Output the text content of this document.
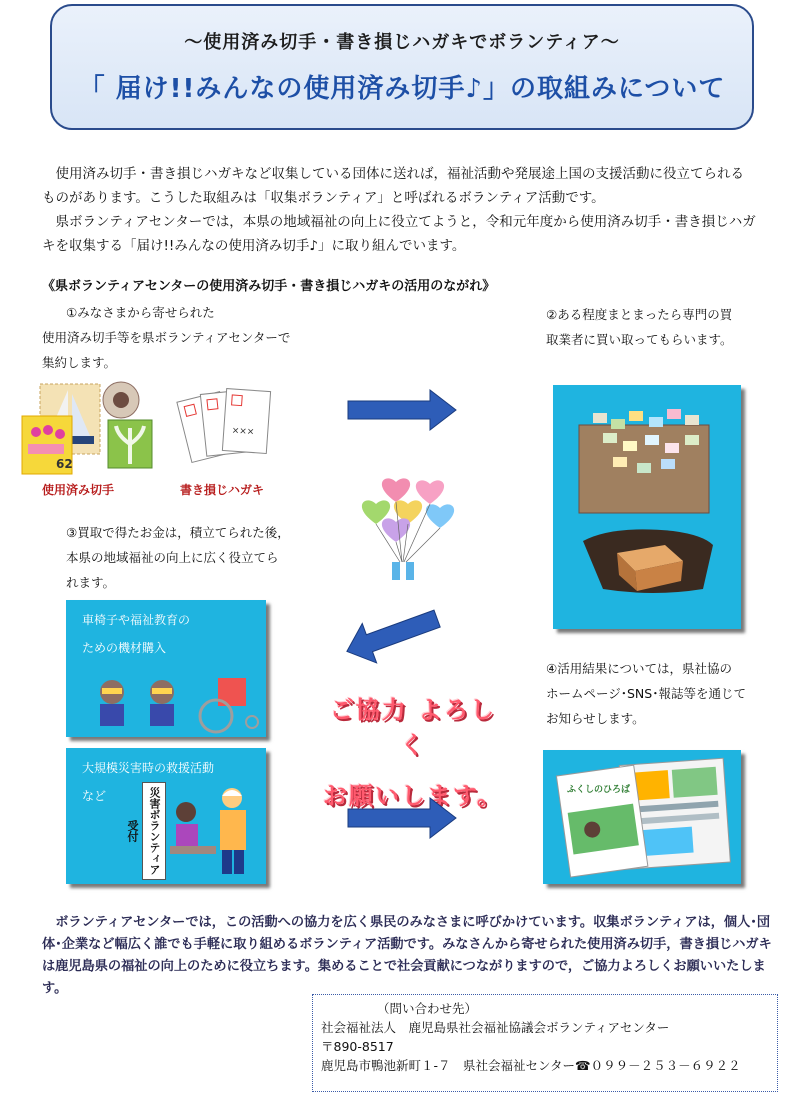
～使用済み切手・書き損じハガキでボランティア～
「 届け!!みんなの使用済み切手♪」の取組みについて

使用済み切手・書き損じハガキなど収集している団体に送れば，福祉活動や発展途上国の支援活動に役立てられるものがあります。こうした取組みは「収集ボランティア」と呼ばれるボランティア活動です。

県ボランティアセンターでは，本県の地域福祉の向上に役立てようと，令和元年度から使用済み切手・書き損じハガキを収集する「届け!!みんなの使用済み切手♪」に取り組んでいます。

《県ボランティアセンターの使用済み切手・書き損じハガキの活用のながれ》
①みなさまから寄せられた
使用済み切手等を県ボランティアセンターで
集約します。
62
使用済み切手
×××
書き損じハガキ
②ある程度まとまったら専門の買
取業者に買い取ってもらいます。
③買取で得たお金は，積立てられた後，
本県の地域福祉の向上に広く役立てら
れます。
車椅子や福祉教育の
ための機材購入
大規模災害時の救援活動
など	災害ボランティア受付
ご協力 よろしく
お願いします。
④活用結果については，県社協の
ホームページ･SNS･報誌等を通じて
お知らせします。
ふくしのひろば

ボランティアセンターでは，この活動への協力を広く県民のみなさまに呼びかけています。収集ボランティアは，個人･団体･企業など幅広く誰でも手軽に取り組めるボランティア活動です。みなさんから寄せられた使用済み切手，書き損じハガキは鹿児島県の福祉の向上のために役立ちます。集めることで社会貢献につながりますので，ご協力よろしくお願いいたします。

（問い合わせ先）
社会福祉法人　鹿児島県社会福祉協議会ボランティアセンター
〒890-8517
鹿児島市鴨池新町１-７　県社会福祉センター☎０９９－２５３－６９２２
